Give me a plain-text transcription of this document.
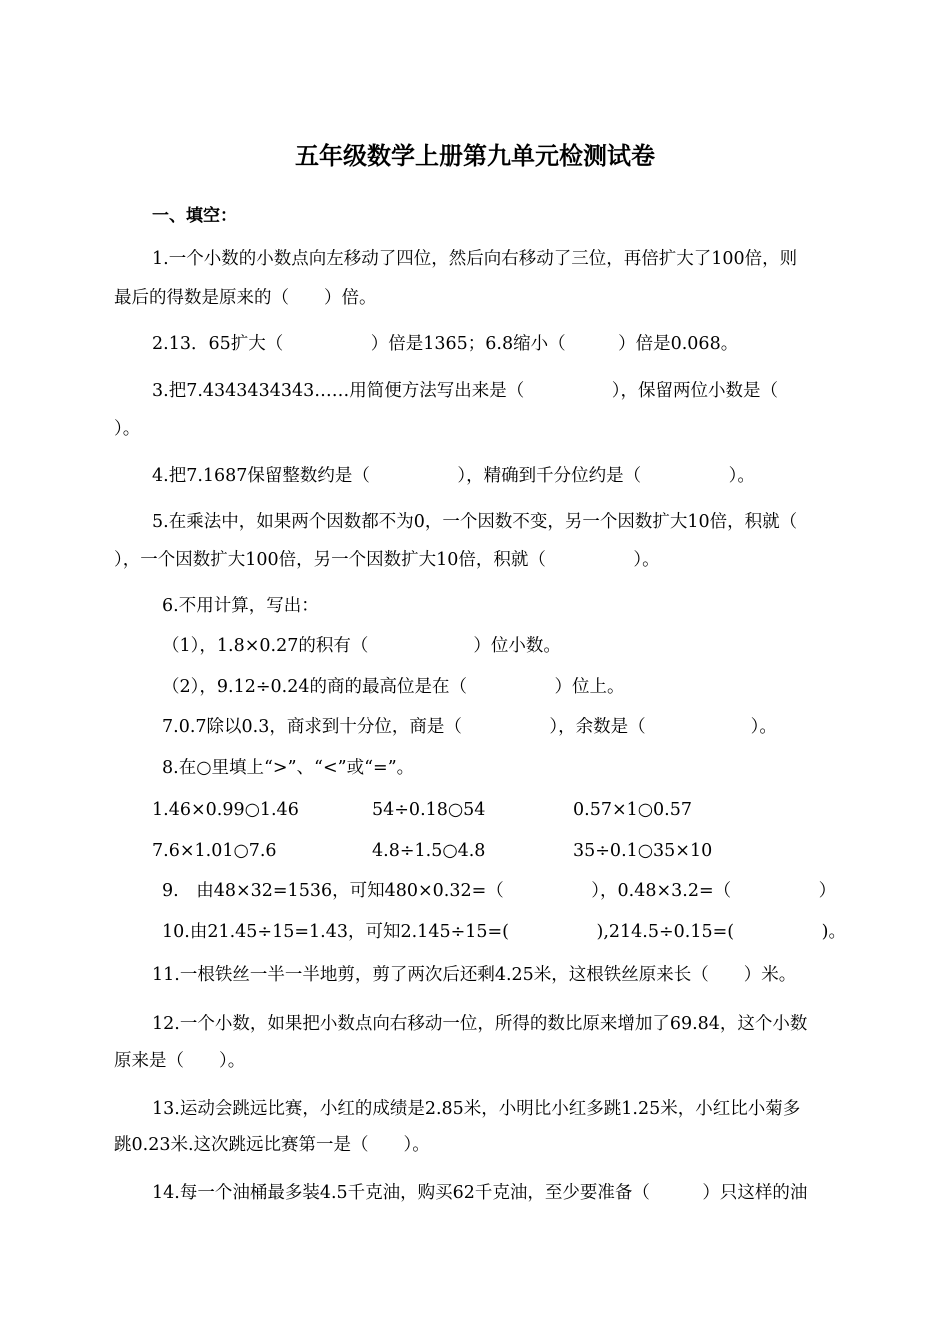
五年级数学上册第九单元检测试卷
一、填空：
1.一个小数的小数点向左移动了四位，然后向右移动了三位，再倍扩大了100倍，则
最后的得数是原来的（　　）倍。
2.13．65扩大（　　　　　）倍是1365；6.8缩小（　　　）倍是0.068。
3.把7.4343434343……用简便方法写出来是（　　　　　），保留两位小数是（
）。
4.把7.1687保留整数约是（　　　　　），精确到千分位约是（　　　　　）。
5.在乘法中，如果两个因数都不为0，一个因数不变，另一个因数扩大10倍，积就（
），一个因数扩大100倍，另一个因数扩大10倍，积就（　　　　　）。
6.不用计算，写出：
（1），1.8×0.27的积有（　　　　　　）位小数。
（2），9.12÷0.24的商的最高位是在（　　　　　）位上。
7.0.7除以0.3，商求到十分位，商是（　　　　　），余数是（　　　　　　）。
8.在○里填上“>”、“<”或“=”。
1.46×0.99○1.46	54÷0.18○54	0.57×1○0.57
7.6×1.01○7.6	4.8÷1.5○4.8	35÷0.1○35×10
9.　由48×32=1536，可知480×0.32=（　　　　　），0.48×3.2=（　　　　　）
10.由21.45÷15=1.43，可知2.145÷15=(　　　　　),214.5÷0.15=(　　　　　)。
11.一根铁丝一半一半地剪，剪了两次后还剩4.25米，这根铁丝原来长（　　）米。
12.一个小数，如果把小数点向右移动一位，所得的数比原来增加了69.84，这个小数
原来是（　　）。
13.运动会跳远比赛，小红的成绩是2.85米，小明比小红多跳1.25米，小红比小菊多
跳0.23米.这次跳远比赛第一是（　　）。
14.每一个油桶最多装4.5千克油，购买62千克油，至少要准备（　　　）只这样的油
